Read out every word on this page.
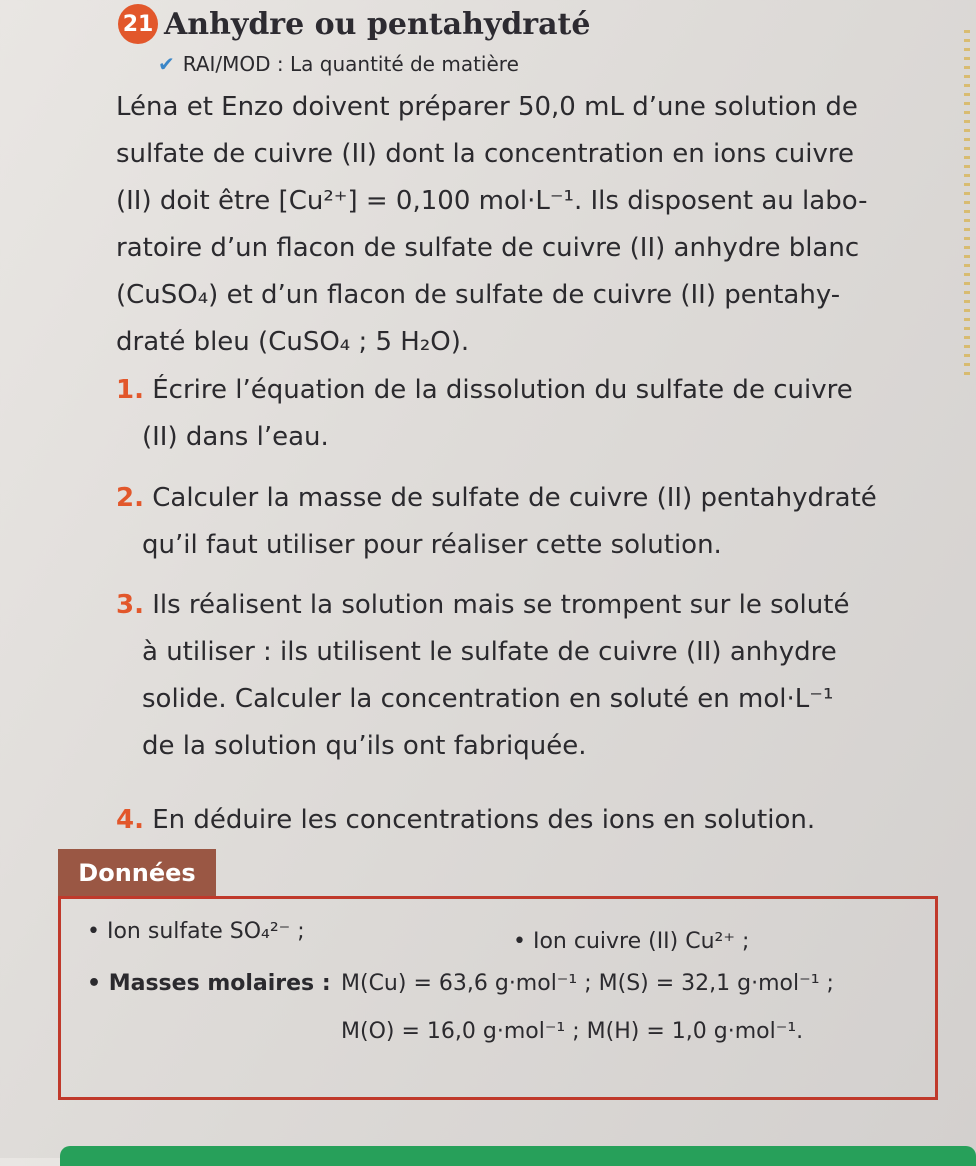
21 Anhydre ou pentahydraté
✔ RAI/MOD : La quantité de matière

Léna et Enzo doivent préparer 50,0 mL d’une solution de

sulfate de cuivre (II) dont la concentration en ions cuivre

(II) doit être [Cu²⁺] = 0,100 mol·L⁻¹. Ils disposent au labo-

ratoire d’un flacon de sulfate de cuivre (II) anhydre blanc

(CuSO₄) et d’un flacon de sulfate de cuivre (II) pentahy-

draté bleu (CuSO₄ ; 5 H₂O).

1. Écrire l’équation de la dissolution du sulfate de cuivre

(II) dans l’eau.

2. Calculer la masse de sulfate de cuivre (II) pentahydraté

qu’il faut utiliser pour réaliser cette solution.

3. Ils réalisent la solution mais se trompent sur le soluté

à utiliser : ils utilisent le sulfate de cuivre (II) anhydre

solide. Calculer la concentration en soluté en mol·L⁻¹

de la solution qu’ils ont fabriquée.

4. En déduire les concentrations des ions en solution.

Données
• Ion sulfate SO₄²⁻ ;	• Ion cuivre (II) Cu²⁺ ;
• Masses molaires : M(Cu) = 63,6 g·mol⁻¹ ; M(S) = 32,1 g·mol⁻¹ ;
M(O) = 16,0 g·mol⁻¹ ; M(H) = 1,0 g·mol⁻¹.
